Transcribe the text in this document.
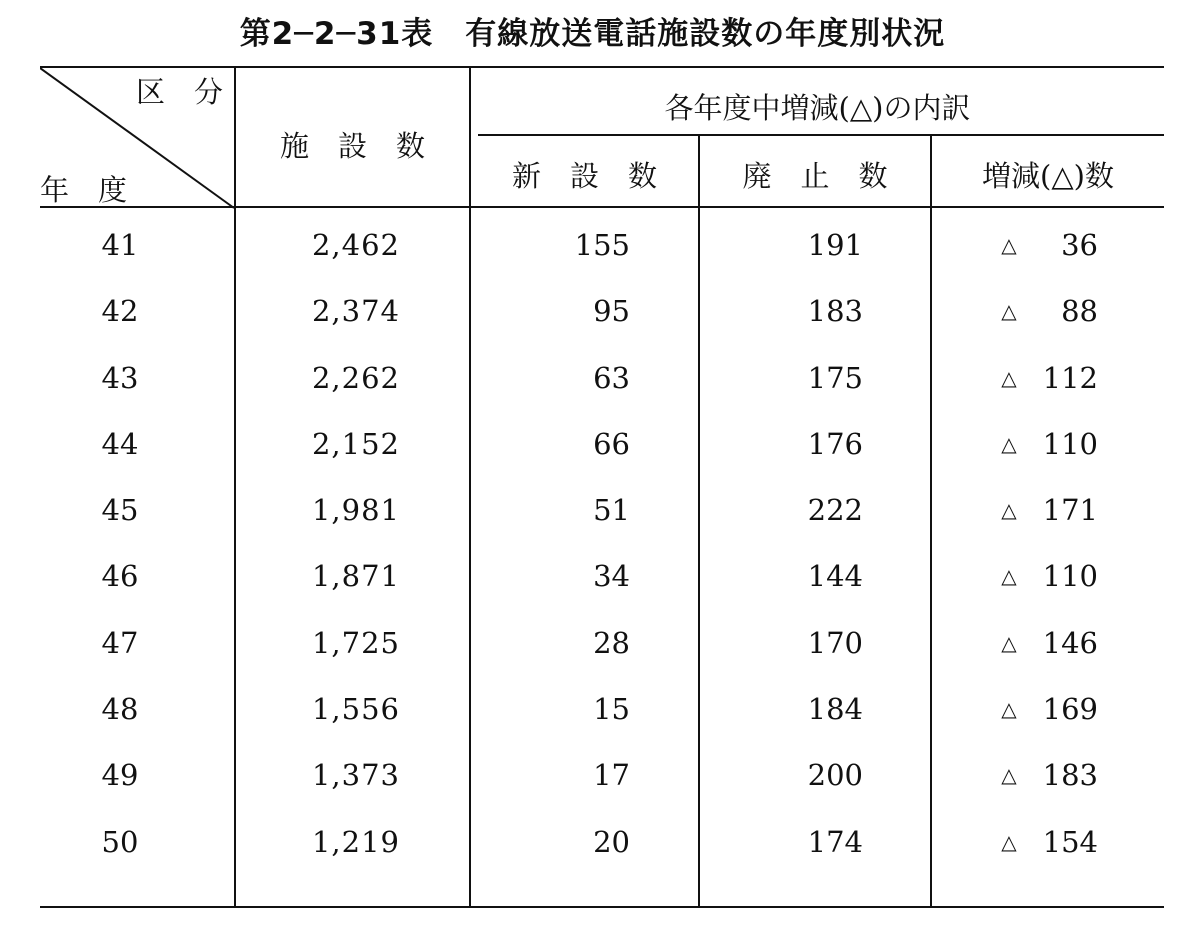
第2─2─31表　有線放送電話施設数の年度別状況
区　分
年　度
施　設　数
各年度中増減(△)の内訳
新　設　数	廃　止　数	増減(△)数
41	2,462	155	191	△	36
42	2,374	95	183	△	88
43	2,262	63	175	△ 112
44	2,152	66	176	△ 110
45	1,981	51	222	△ 171
46	1,871	34	144	△ 110
47	1,725	28	170	△ 146
48	1,556	15	184	△ 169
49	1,373	17	200	△ 183
50	1,219	20	174	△ 154
